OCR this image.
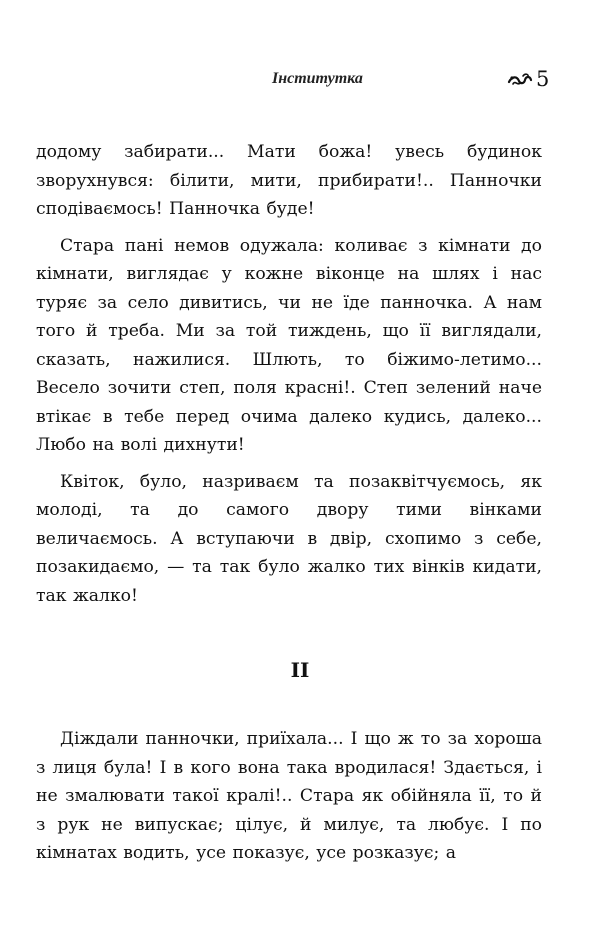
Інститутка	5

додому забирати... Мати божа! увесь будинок зворухнувся: білити, мити, прибирати!.. Панночки сподіваємось! Панночка буде!

Стара пані немов одужала: коливає з кімнати до кімнати, виглядає у кожне віконце на шлях і нас туряє за село дивитись, чи не їде панночка. А нам того й треба. Ми за той тиждень, що її виглядали, сказать, нажилися. Шлють, то біжимо-летимо... Весело зочити степ, поля красні!. Степ зелений наче втікає в тебе перед очима далеко кудись, далеко... Любо на волі дихнути!

Квіток, було, назриваєм та позаквітчуємось, як молоді, та до самого двору тими вінками величаємось. А вступаючи в двір, схопимо з себе, позакидаємо, — та так було жалко тих вінків кидати, так жалко!

II

Діждали панночки, приїхала... І що ж то за хороша з лиця була! І в кого вона така вродилася! Здається, і не змалювати такої кралі!.. Стара як обійняла її, то й з рук не випускає; цілує, й милує, та любує. І по кімнатах водить, усе показує, усе розказує; а
